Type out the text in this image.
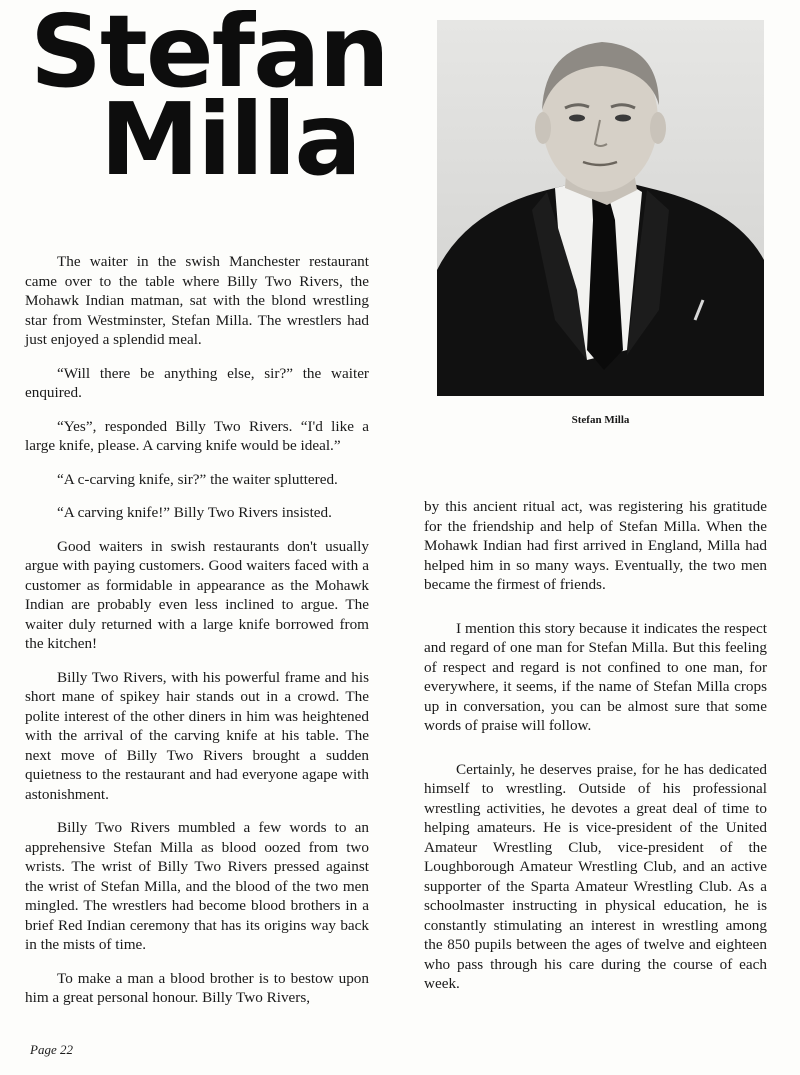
Stefan
Milla

Stefan Milla

The waiter in the swish Manchester restaurant came over to the table where Billy Two Rivers, the Mohawk Indian matman, sat with the blond wrestling star from Westminster, Stefan Milla. The wrestlers had just enjoyed a splendid meal.

“Will there be anything else, sir?” the waiter enquired.

“Yes”, responded Billy Two Rivers. “I'd like a large knife, please. A carving knife would be ideal.”

“A c-carving knife, sir?” the waiter spluttered.

“A carving knife!” Billy Two Rivers insisted.

Good waiters in swish restaurants don't usually argue with paying customers. Good waiters faced with a customer as formidable in appearance as the Mohawk Indian are probably even less inclined to argue. The waiter duly returned with a large knife borrowed from the kitchen!

Billy Two Rivers, with his powerful frame and his short mane of spikey hair stands out in a crowd. The polite interest of the other diners in him was heightened with the arrival of the carving knife at his table. The next move of Billy Two Rivers brought a sudden quietness to the restaurant and had everyone agape with astonishment.

Billy Two Rivers mumbled a few words to an apprehensive Stefan Milla as blood oozed from two wrists. The wrist of Billy Two Rivers pressed against the wrist of Stefan Milla, and the blood of the two men mingled. The wrestlers had become blood brothers in a brief Red Indian ceremony that has its origins way back in the mists of time.

To make a man a blood brother is to bestow upon him a great personal honour. Billy Two Rivers,

by this ancient ritual act, was registering his gratitude for the friendship and help of Stefan Milla. When the Mohawk Indian had first arrived in England, Milla had helped him in so many ways. Eventually, the two men became the firmest of friends.

I mention this story because it indicates the respect and regard of one man for Stefan Milla. But this feeling of respect and regard is not confined to one man, for everywhere, it seems, if the name of Stefan Milla crops up in conversation, you can be almost sure that some words of praise will follow.

Certainly, he deserves praise, for he has dedicated himself to wrestling. Outside of his professional wrestling activities, he devotes a great deal of time to helping amateurs. He is vice-president of the United Amateur Wrestling Club, vice-president of the Loughborough Amateur Wrestling Club, and an active supporter of the Sparta Amateur Wrestling Club. As a schoolmaster instructing in physical education, he is constantly stimulating an interest in wrestling among the 850 pupils between the ages of twelve and eighteen who pass through his care during the course of each week.

Page 22
